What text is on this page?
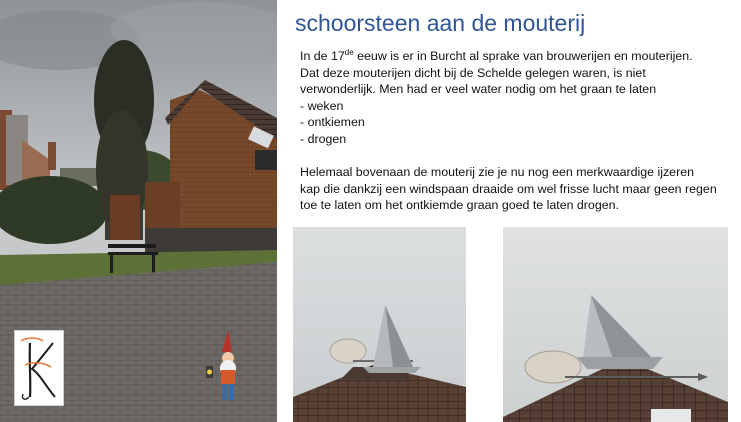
schoorsteen aan de mouterij
In de 17de eeuw is er in Burcht al sprake van brouwerijen en mouterijen.
Dat deze mouterijen dicht bij de Schelde gelegen waren, is niet
verwonderlijk. Men had er veel water nodig om het graan te laten
- weken
- ontkiemen
- drogen
Helemaal bovenaan de mouterij zie je nu nog een merkwaardige ijzeren
kap die dankzij een windspaan draaide om wel frisse lucht maar geen regen
toe te laten om het ontkiemde graan goed te laten drogen.
